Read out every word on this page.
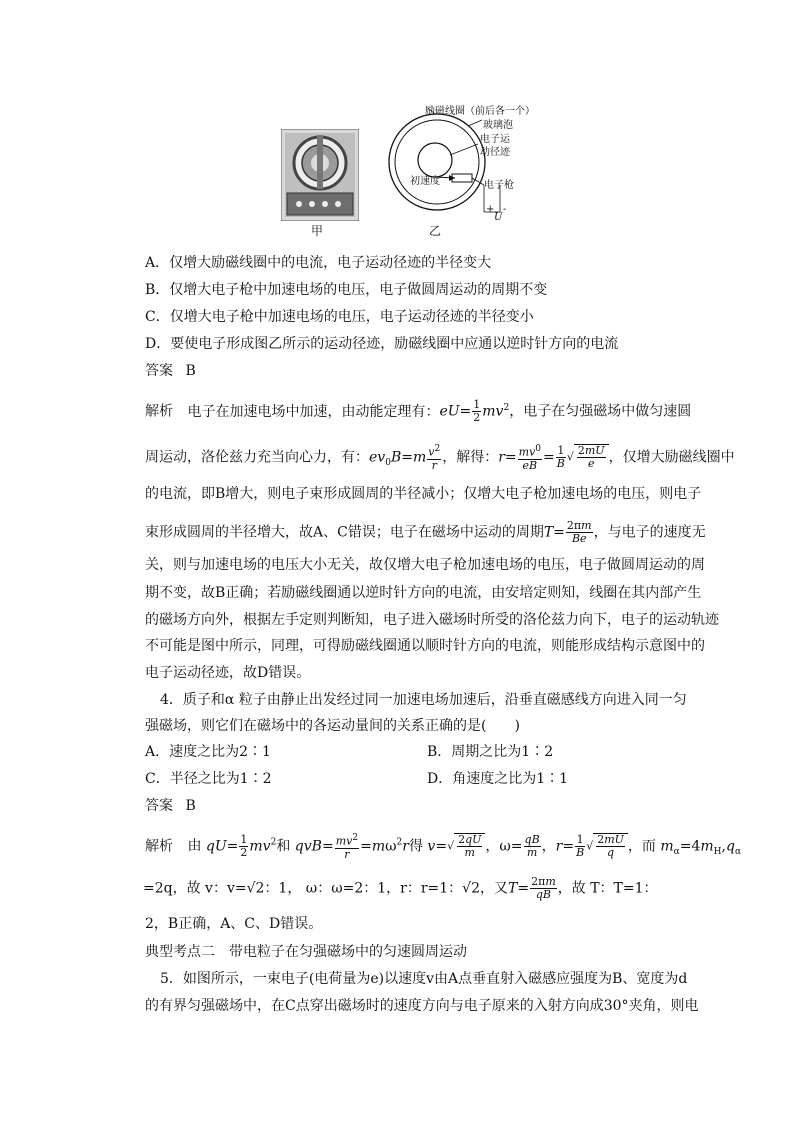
甲
励磁线圈（前后各一个）
玻璃泡
电子运
动径迹
初速度	电子枪
+ -
U
乙
A．仅增大励磁线圈中的电流，电子运动径迹的半径变大
B．仅增大电子枪中加速电场的电压，电子做圆周运动的周期不变
C．仅增大电子枪中加速电场的电压，电子运动径迹的半径变小
D．要使电子形成图乙所示的运动径迹，励磁线圈中应通以逆时针方向的电流
答案 B
解析 电子在加速电场中加速，由动能定理有：$eU= \frac{1}{2} mv^2$，电子在匀强磁场中做匀速圆
周运动，洛伦兹力充当向心力，有：$ev_0B=m \frac{v^2}{r}$ ，解得：$r= \frac{mv^0}{eB} = \frac{1}{B}$ √ $\frac{2mU}{e}$ ，仅增大励磁线圈中
的电流，即B增大，则电子束形成圆周的半径减小；仅增大电子枪加速电场的电压，则电子
束形成圆周的半径增大，故A、C错误；电子在磁场中运动的周期$T= \frac{2\pi m}{Be}$ ，与电子的速度无
关，则与加速电场的电压大小无关，故仅增大电子枪加速电场的电压，电子做圆周运动的周
期不变，故B正确；若励磁线圈通以逆时针方向的电流，由安培定则知，线圈在其内部产生
的磁场方向外，根据左手定则判断知，电子进入磁场时所受的洛伦兹力向下，电子的运动轨迹
不可能是图中所示，同理，可得励磁线圈通以顺时针方向的电流，则能形成结构示意图中的
电子运动径迹，故D错误。
4．质子和α 粒子由静止出发经过同一加速电场加速后，沿垂直磁感线方向进入同一匀
强磁场，则它们在磁场中的各运动量间的关系正确的是(　　)
A．速度之比为2∶1	B．周期之比为1∶2
C．半径之比为1∶2	D．角速度之比为1∶1
答案 B
解析 由 $qU= \frac{1}{2} mv^2$和 $qvB= \frac{mv^2}{r} =m\omega^2r$得 $v=√ \frac{2qU}{m}$ ，$\omega= \frac{qB}{m}$ ，$r= \frac{1}{B}$ √ $\frac{2mU}{q}$ ，而 $m_\alpha=4m_H,q_\alpha$
=2q，故 v：v=√2：1， ω：ω=2：1，r：r=1：√2，又$T= \frac{2\pi m}{qB}$ ，故 T：T=1：
2，B正确，A、C、D错误。
典型考点二　带电粒子在匀强磁场中的匀速圆周运动
5．如图所示，一束电子(电荷量为e)以速度v由A点垂直射入磁感应强度为B、宽度为d
的有界匀强磁场中，在C点穿出磁场时的速度方向与电子原来的入射方向成30°夹角，则电
